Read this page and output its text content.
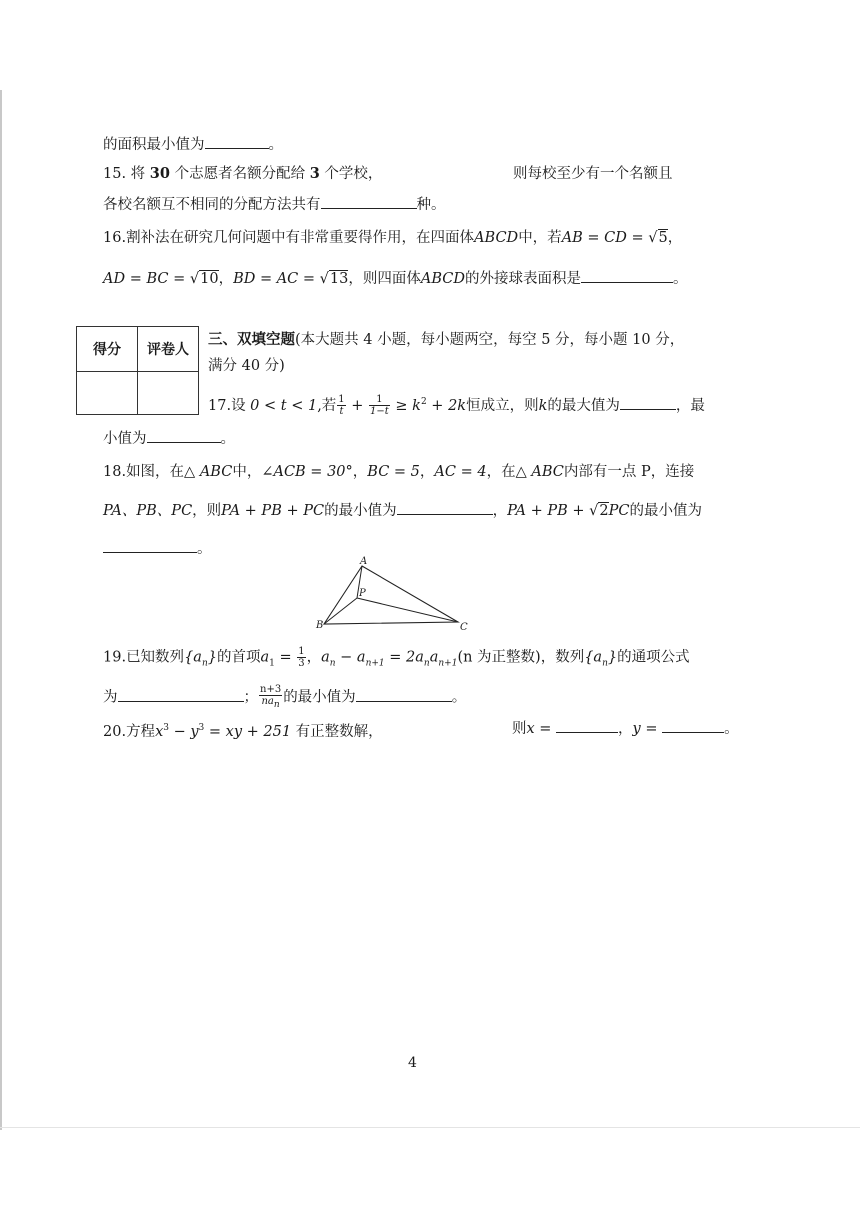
的面积最小值为	。
15. 将 30 个志愿者名额分配给 3 个学校，	则每校至少有一个名额且
各校名额互不相同的分配方法共有	种。
16.割补法在研究几何问题中有非常重要得作用，在四面体ABCD中，若AB = CD = √5，
AD = BC = √10，BD = AC = √13，则四面体ABCD的外接球表面积是	。
得分	评卷人

三、双填空题(本大题共 4 小题，每小题两空，每空 5 分，每小题 10 分，
满分 40 分)
17.设 0 < t < 1,若 $\frac{1}{t} + \frac{1}{1-t} \ge k^2 + 2k$恒成立，则k的最大值为	，最
小值为	。
18.如图，在△ ABC中，∠ACB = 30°，BC = 5，AC = 4，在△ ABC内部有一点 P，连接
PA、PB、PC，则PA + PB + PC的最小值为	，PA + PB + √2PC的最小值为
。
A
B	C
P
19.已知数列$\{a_n\}$的首项$a_1 = \frac{1}{3}$ ，$a_n - a_{n+1} = 2a_na_{n+1}(n$ 为正整数)，数列$\{a_n\}$的通项公式
为	； $\frac{n+3}{na_n}$ 的最小值为	。
20.方程$x^3 - y^3$ = xy + 251 有正整数解，	则x =	，y =	。
4
